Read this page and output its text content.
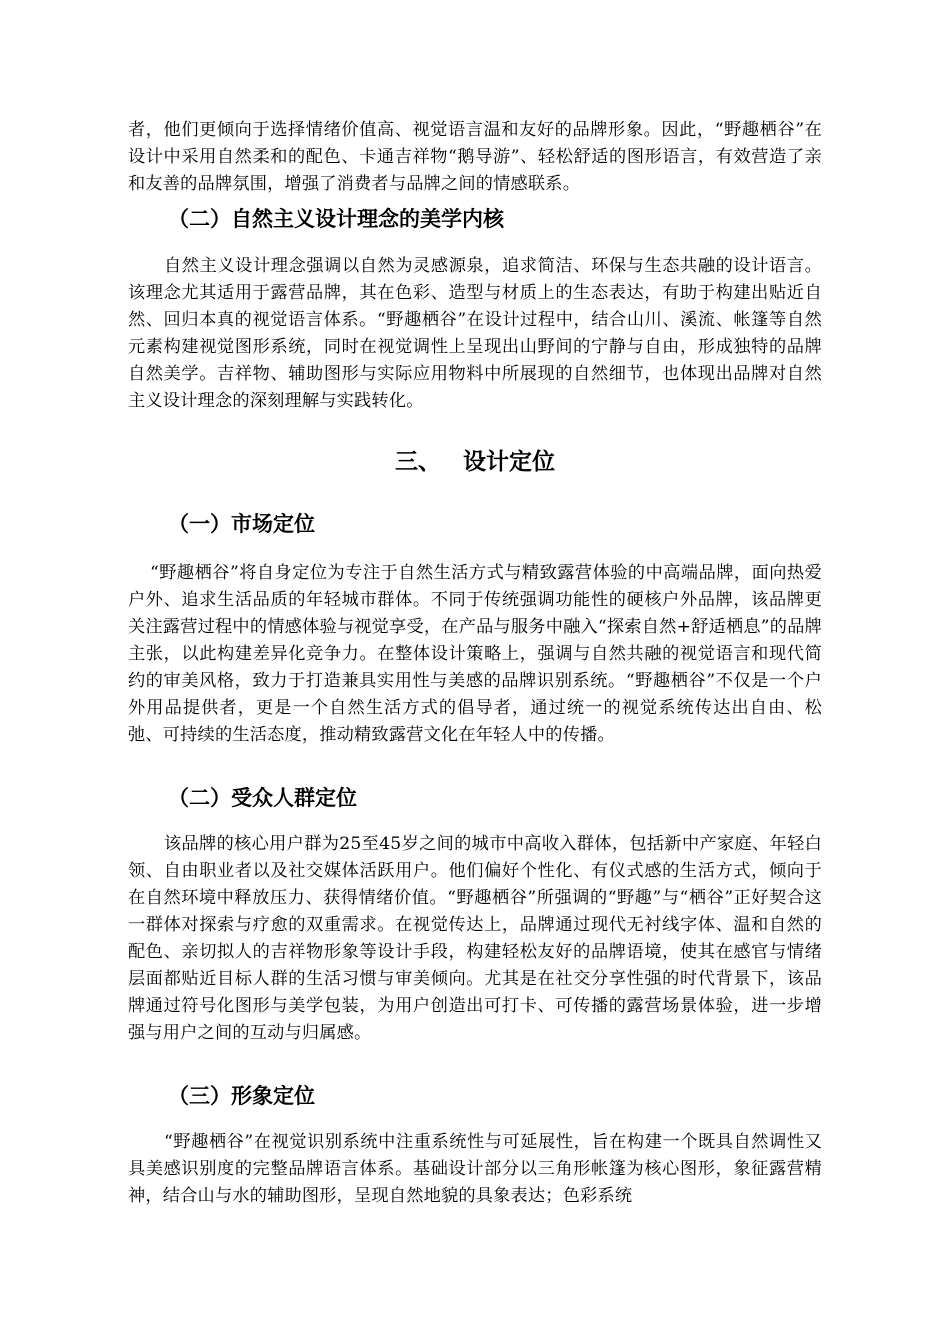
者，他们更倾向于选择情绪价值高、视觉语言温和友好的品牌形象。因此，“野趣栖谷”在设计中采用自然柔和的配色、卡通吉祥物“鹅导游”、轻松舒适的图形语言，有效营造了亲和友善的品牌氛围，增强了消费者与品牌之间的情感联系。

（二）自然主义设计理念的美学内核

自然主义设计理念强调以自然为灵感源泉，追求简洁、环保与生态共融的设计语言。该理念尤其适用于露营品牌，其在色彩、造型与材质上的生态表达，有助于构建出贴近自然、回归本真的视觉语言体系。“野趣栖谷”在设计过程中，结合山川、溪流、帐篷等自然元素构建视觉图形系统，同时在视觉调性上呈现出山野间的宁静与自由，形成独特的品牌自然美学。吉祥物、辅助图形与实际应用物料中所展现的自然细节，也体现出品牌对自然主义设计理念的深刻理解与实践转化。

三、 设计定位
（一）市场定位

“野趣栖谷”将自身定位为专注于自然生活方式与精致露营体验的中高端品牌，面向热爱户外、追求生活品质的年轻城市群体。不同于传统强调功能性的硬核户外品牌，该品牌更关注露营过程中的情感体验与视觉享受，在产品与服务中融入“探索自然+舒适栖息”的品牌主张，以此构建差异化竞争力。在整体设计策略上，强调与自然共融的视觉语言和现代简约的审美风格，致力于打造兼具实用性与美感的品牌识别系统。“野趣栖谷”不仅是一个户外用品提供者，更是一个自然生活方式的倡导者，通过统一的视觉系统传达出自由、松弛、可持续的生活态度，推动精致露营文化在年轻人中的传播。

（二）受众人群定位

该品牌的核心用户群为25至45岁之间的城市中高收入群体，包括新中产家庭、年轻白领、自由职业者以及社交媒体活跃用户。他们偏好个性化、有仪式感的生活方式，倾向于在自然环境中释放压力、获得情绪价值。“野趣栖谷”所强调的“野趣”与“栖谷”正好契合这一群体对探索与疗愈的双重需求。在视觉传达上，品牌通过现代无衬线字体、温和自然的配色、亲切拟人的吉祥物形象等设计手段，构建轻松友好的品牌语境，使其在感官与情绪层面都贴近目标人群的生活习惯与审美倾向。尤其是在社交分享性强的时代背景下，该品牌通过符号化图形与美学包装，为用户创造出可打卡、可传播的露营场景体验，进一步增强与用户之间的互动与归属感。

（三）形象定位

“野趣栖谷”在视觉识别系统中注重系统性与可延展性，旨在构建一个既具自然调性又具美感识别度的完整品牌语言体系。基础设计部分以三角形帐篷为核心图形，象征露营精神，结合山与水的辅助图形，呈现自然地貌的具象表达；色彩系统
